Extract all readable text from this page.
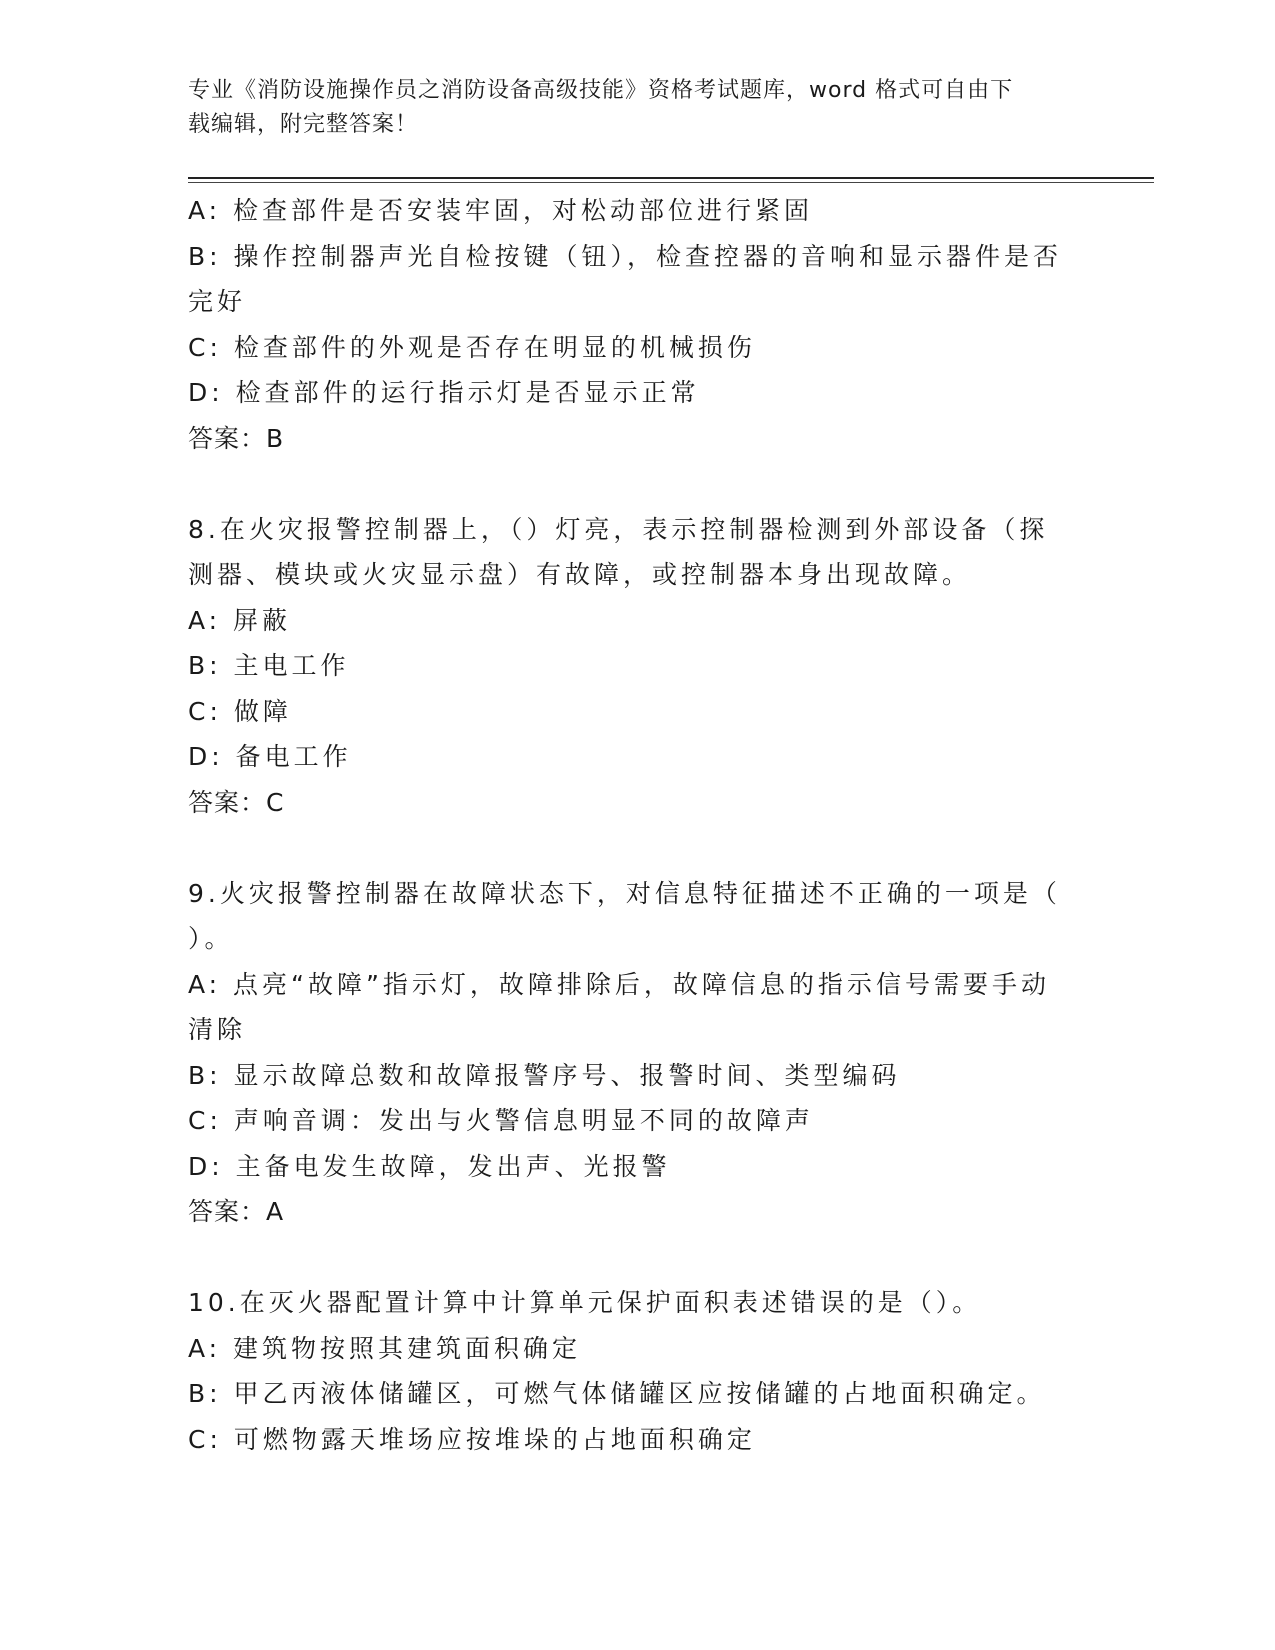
专业《消防设施操作员之消防设备高级技能》资格考试题库，word 格式可自由下

载编辑，附完整答案！

A: 检查部件是否安装牢固，对松动部位进行紧固

B: 操作控制器声光自检按键（钮），检查控器的音响和显示器件是否

完好

C: 检查部件的外观是否存在明显的机械损伤

D: 检查部件的运行指示灯是否显示正常

答案：B

8.在火灾报警控制器上，（）灯亮，表示控制器检测到外部设备（探

测器、模块或火灾显示盘）有故障，或控制器本身出现故障。

A: 屏蔽

B: 主电工作

C: 做障

D: 备电工作

答案：C

9.火灾报警控制器在故障状态下，对信息特征描述不正确的一项是（

）。

A: 点亮“故障”指示灯，故障排除后，故障信息的指示信号需要手动

清除

B: 显示故障总数和故障报警序号、报警时间、类型编码

C: 声响音调：发出与火警信息明显不同的故障声

D: 主备电发生故障，发出声、光报警

答案：A

10.在灭火器配置计算中计算单元保护面积表述错误的是（）。

A: 建筑物按照其建筑面积确定

B: 甲乙丙液体储罐区，可燃气体储罐区应按储罐的占地面积确定。

C: 可燃物露天堆场应按堆垛的占地面积确定
